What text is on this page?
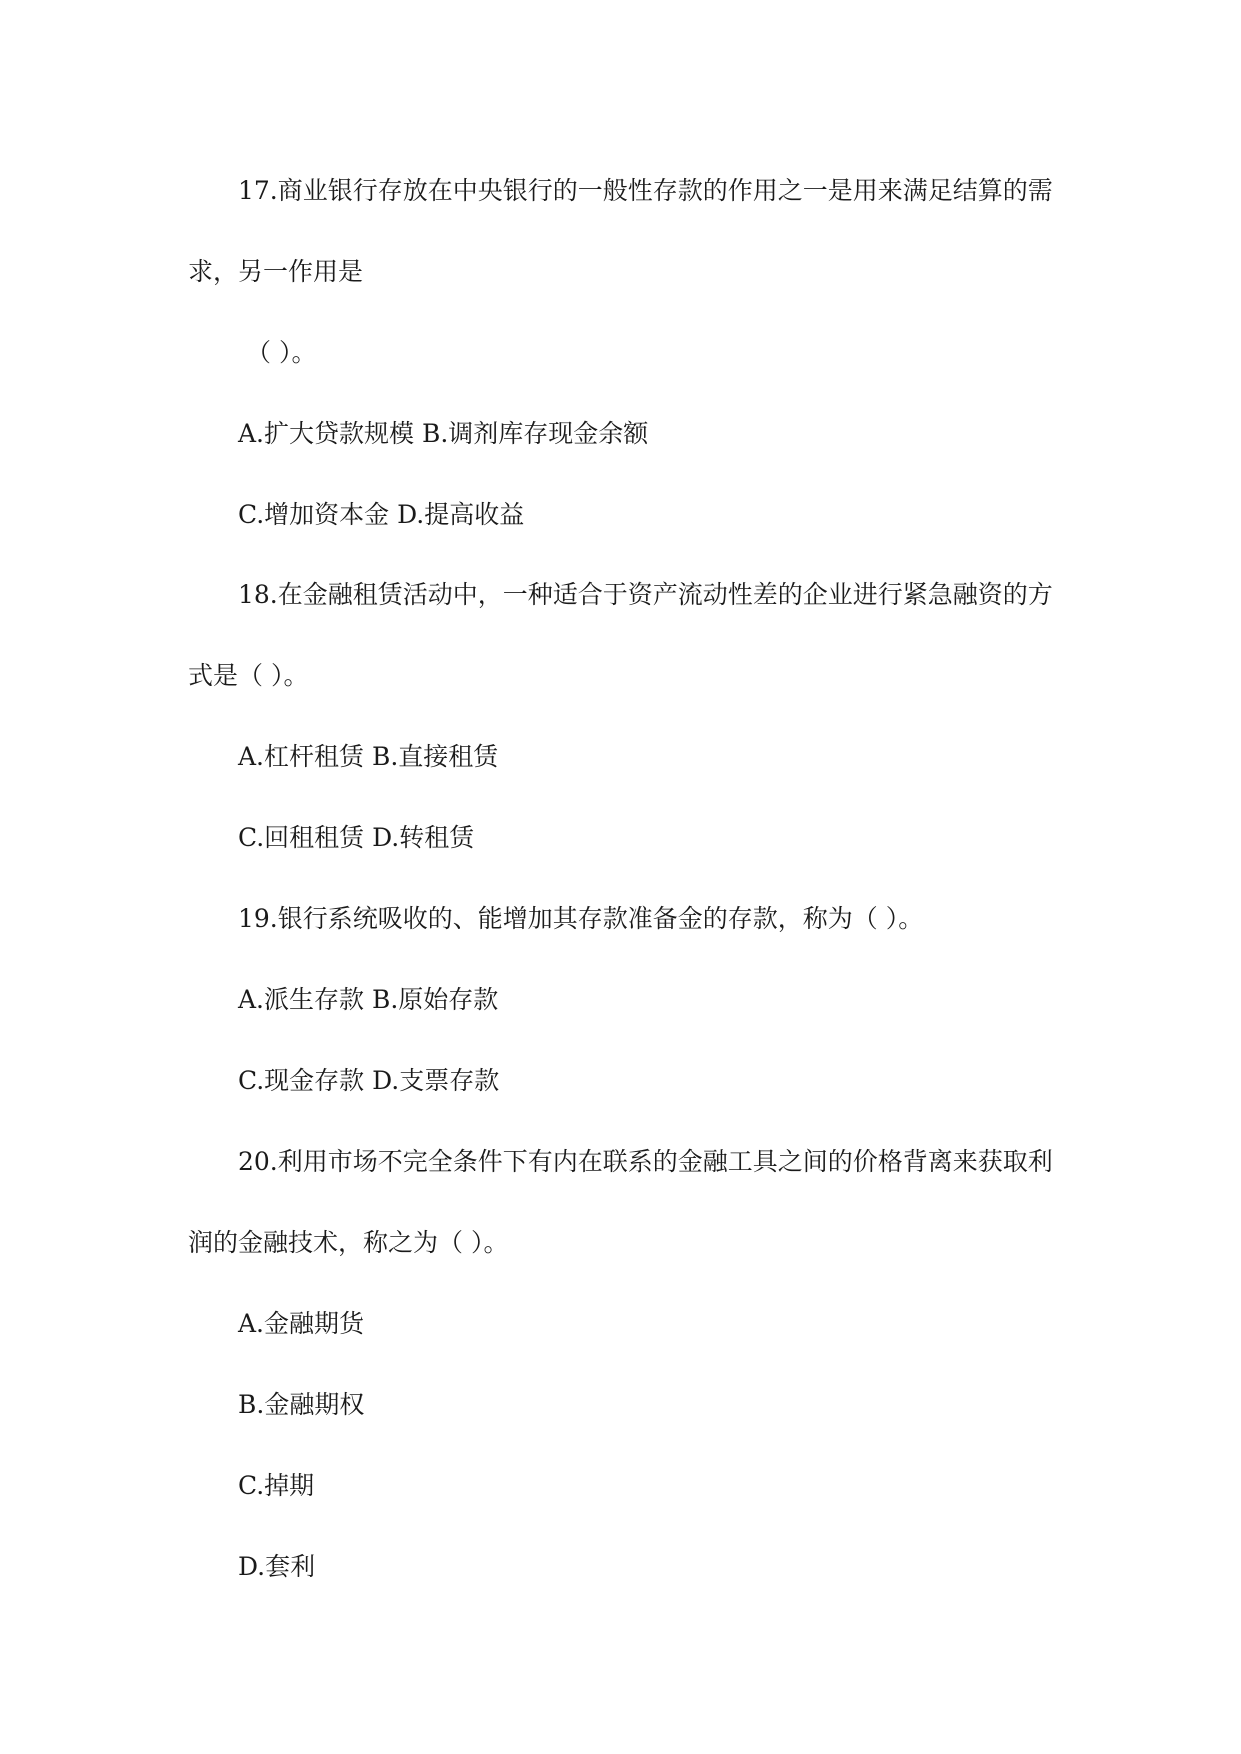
17.商业银行存放在中央银行的一般性存款的作用之一是用来满足结算的需
求，另一作用是
（ ）。
A.扩大贷款规模 B.调剂库存现金余额
C.增加资本金 D.提高收益
18.在金融租赁活动中，一种适合于资产流动性差的企业进行紧急融资的方
式是（ ）。
A.杠杆租赁 B.直接租赁
C.回租租赁 D.转租赁
19.银行系统吸收的、能增加其存款准备金的存款，称为（ ）。
A.派生存款 B.原始存款
C.现金存款 D.支票存款
20.利用市场不完全条件下有内在联系的金融工具之间的价格背离来获取利
润的金融技术，称之为（ ）。
A.金融期货
B.金融期权
C.掉期
D.套利
